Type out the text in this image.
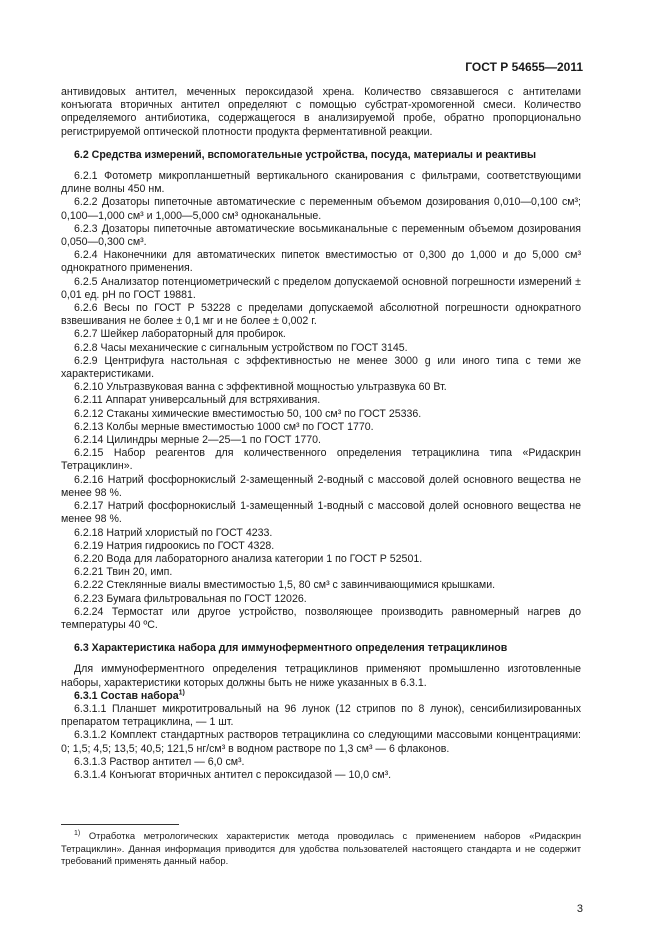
ГОСТ Р 54655—2011

антивидовых антител, меченных пероксидазой хрена. Количество связавшегося с антителами конъюгата вторичных антител определяют с помощью субстрат-хромогенной смеси. Количество определяемого антибиотика, содержащегося в анализируемой пробе, обратно пропорционально регистрируемой оптической плотности продукта ферментативной реакции.

6.2 Средства измерений, вспомогательные устройства, посуда, материалы и реактивы

6.2.1 Фотометр микропланшетный вертикального сканирования с фильтрами, соответствующими длине волны 450 нм.

6.2.2 Дозаторы пипеточные автоматические с переменным объемом дозирования 0,010—0,100 см³; 0,100—1,000 см³ и 1,000—5,000 см³ одноканальные.

6.2.3 Дозаторы пипеточные автоматические восьмиканальные с переменным объемом дозирования 0,050—0,300 см³.

6.2.4 Наконечники для автоматических пипеток вместимостью от 0,300 до 1,000 и до 5,000 см³ однократного применения.

6.2.5 Анализатор потенциометрический с пределом допускаемой основной погрешности измерений ± 0,01 ед. pH по ГОСТ 19881.

6.2.6 Весы по ГОСТ Р 53228 с пределами допускаемой абсолютной погрешности однократного взвешивания не более ± 0,1 мг и не более ± 0,002 г.

6.2.7 Шейкер лабораторный для пробирок.

6.2.8 Часы механические с сигнальным устройством по ГОСТ 3145.

6.2.9 Центрифуга настольная с эффективностью не менее 3000 g или иного типа с теми же характеристиками.

6.2.10 Ультразвуковая ванна с эффективной мощностью ультразвука 60 Вт.

6.2.11 Аппарат универсальный для встряхивания.

6.2.12 Стаканы химические вместимостью 50, 100 см³ по ГОСТ 25336.

6.2.13 Колбы мерные вместимостью 1000 см³ по ГОСТ 1770.

6.2.14 Цилиндры мерные 2—25—1 по ГОСТ 1770.

6.2.15 Набор реагентов для количественного определения тетрациклина типа «Ридаскрин Тетрациклин».

6.2.16 Натрий фосфорнокислый 2-замещенный 2-водный с массовой долей основного вещества не менее 98 %.

6.2.17 Натрий фосфорнокислый 1-замещенный 1-водный с массовой долей основного вещества не менее 98 %.

6.2.18 Натрий хлористый по ГОСТ 4233.

6.2.19 Натрия гидроокись по ГОСТ 4328.

6.2.20 Вода для лабораторного анализа категории 1 по ГОСТ Р 52501.

6.2.21 Твин 20, имп.

6.2.22 Стеклянные виалы вместимостью 1,5, 80 см³ с завинчивающимися крышками.

6.2.23 Бумага фильтровальная по ГОСТ 12026.

6.2.24 Термостат или другое устройство, позволяющее производить равномерный нагрев до температуры 40 ºС.

6.3 Характеристика набора для иммуноферментного определения тетрациклинов

Для иммуноферментного определения тетрациклинов применяют промышленно изготовленные наборы, характеристики которых должны быть не ниже указанных в 6.3.1.

6.3.1 Состав набора$^{1)}$

6.3.1.1 Планшет микротитровальный на 96 лунок (12 стрипов по 8 лунок), сенсибилизированных препаратом тетрациклина, — 1 шт.

6.3.1.2 Комплект стандартных растворов тетрациклина со следующими массовыми концентрациями: 0; 1,5; 4,5; 13,5; 40,5; 121,5 нг/см³ в водном растворе по 1,3 см³ — 6 флаконов.

6.3.1.3 Раствор антител — 6,0 см³.

6.3.1.4 Конъюгат вторичных антител с пероксидазой — 10,0 см³.

$^{1)}$ Отработка метрологических характеристик метода проводилась с применением наборов «Ридаскрин Тетрациклин». Данная информация приводится для удобства пользователей настоящего стандарта и не содержит требований применять данный набор.

3
